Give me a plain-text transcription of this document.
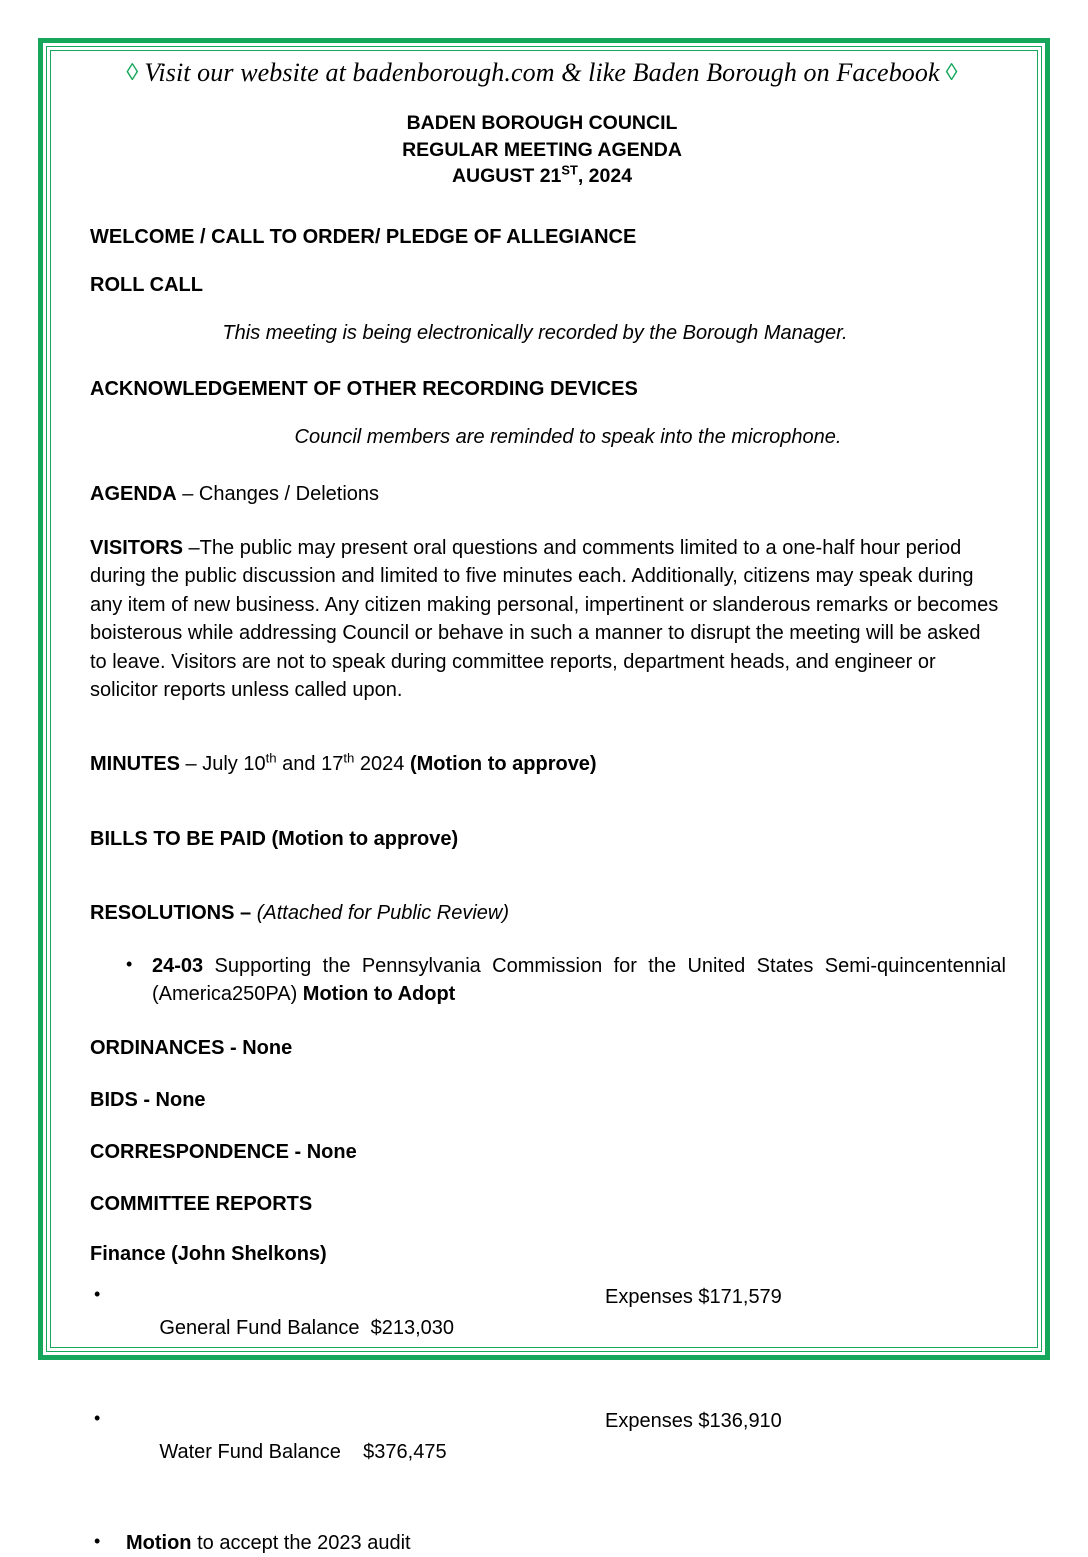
◊ Visit our website at badenborough.com & like Baden Borough on Facebook ◊
BADEN BOROUGH COUNCIL
REGULAR MEETING AGENDA
AUGUST 21ST, 2024

WELCOME / CALL TO ORDER/ PLEDGE OF ALLEGIANCE

ROLL CALL

This meeting is being electronically recorded by the Borough Manager.

ACKNOWLEDGEMENT OF OTHER RECORDING DEVICES

Council members are reminded to speak into the microphone.

AGENDA – Changes / Deletions

VISITORS –The public may present oral questions and comments limited to a one-half hour period during the public discussion and limited to five minutes each. Additionally, citizens may speak during any item of new business. Any citizen making personal, impertinent or slanderous remarks or becomes boisterous while addressing Council or behave in such a manner to disrupt the meeting will be asked to leave. Visitors are not to speak during committee reports, department heads, and engineer or solicitor reports unless called upon.

MINUTES – July 10th and 17th 2024 (Motion to approve)

BILLS TO BE PAID (Motion to approve)

RESOLUTIONS – (Attached for Public Review)

• 24-03 Supporting the Pennsylvania Commission for the United States Semi-quincentennial (America250PA) Motion to Adopt

ORDINANCES - None

BIDS - None

CORRESPONDENCE - None

COMMITTEE REPORTS

Finance (John Shelkons)

• General Fund Balance  $213,030

Expenses $171,579

• Water Fund Balance    $376,475

Expenses $136,910

• Motion to accept the 2023 audit
